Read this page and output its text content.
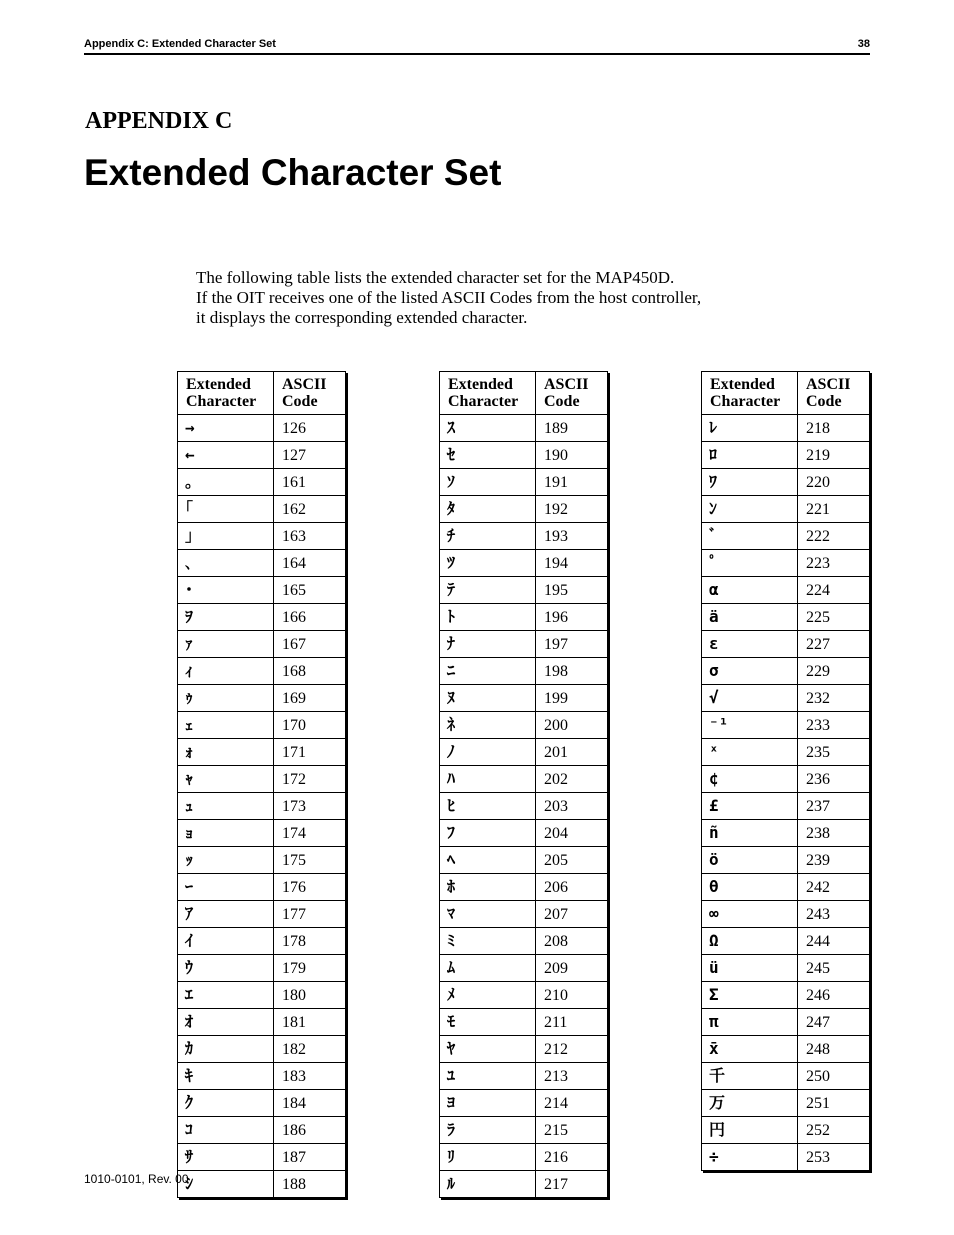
Appendix C: Extended Character Set	38
APPENDIX C
Extended Character Set
The following table lists the extended character set for the MAP450D.
If the OIT receives one of the listed ASCII Codes from the host controller,
it displays the corresponding extended character.
Extended
Character	ASCII
Code
→	126
←	127
｡	161
｢	162
｣	163
､	164
･	165
ｦ	166
ｧ	167
ｨ	168
ｩ	169
ｪ	170
ｫ	171
ｬ	172
ｭ	173
ｮ	174
ｯ	175
ｰ	176
ｱ	177
ｲ	178
ｳ	179
ｴ	180
ｵ	181
ｶ	182
ｷ	183
ｸ	184
ｺ	186
ｻ	187
ｼ	188
Extended
Character	ASCII
Code
ｽ	189
ｾ	190
ｿ	191
ﾀ	192
ﾁ	193
ﾂ	194
ﾃ	195
ﾄ	196
ﾅ	197
ﾆ	198
ﾇ	199
ﾈ	200
ﾉ	201
ﾊ	202
ﾋ	203
ﾌ	204
ﾍ	205
ﾎ	206
ﾏ	207
ﾐ	208
ﾑ	209
ﾒ	210
ﾓ	211
ﾔ	212
ﾕ	213
ﾖ	214
ﾗ	215
ﾘ	216
ﾙ	217
Extended
Character	ASCII
Code
ﾚ	218
ﾛ	219
ﾜ	220
ﾝ	221
ﾞ	222
ﾟ	223
α	224
ä	225
ε	227
σ	229
√	232
⁻¹	233
ˣ	235
¢	236
£	237
ñ	238
ö	239
θ	242
∞	243
Ω	244
ü	245
Σ	246
π	247
x̄	248
千	250
万	251
円	252
÷	253
1010-0101, Rev. 00
